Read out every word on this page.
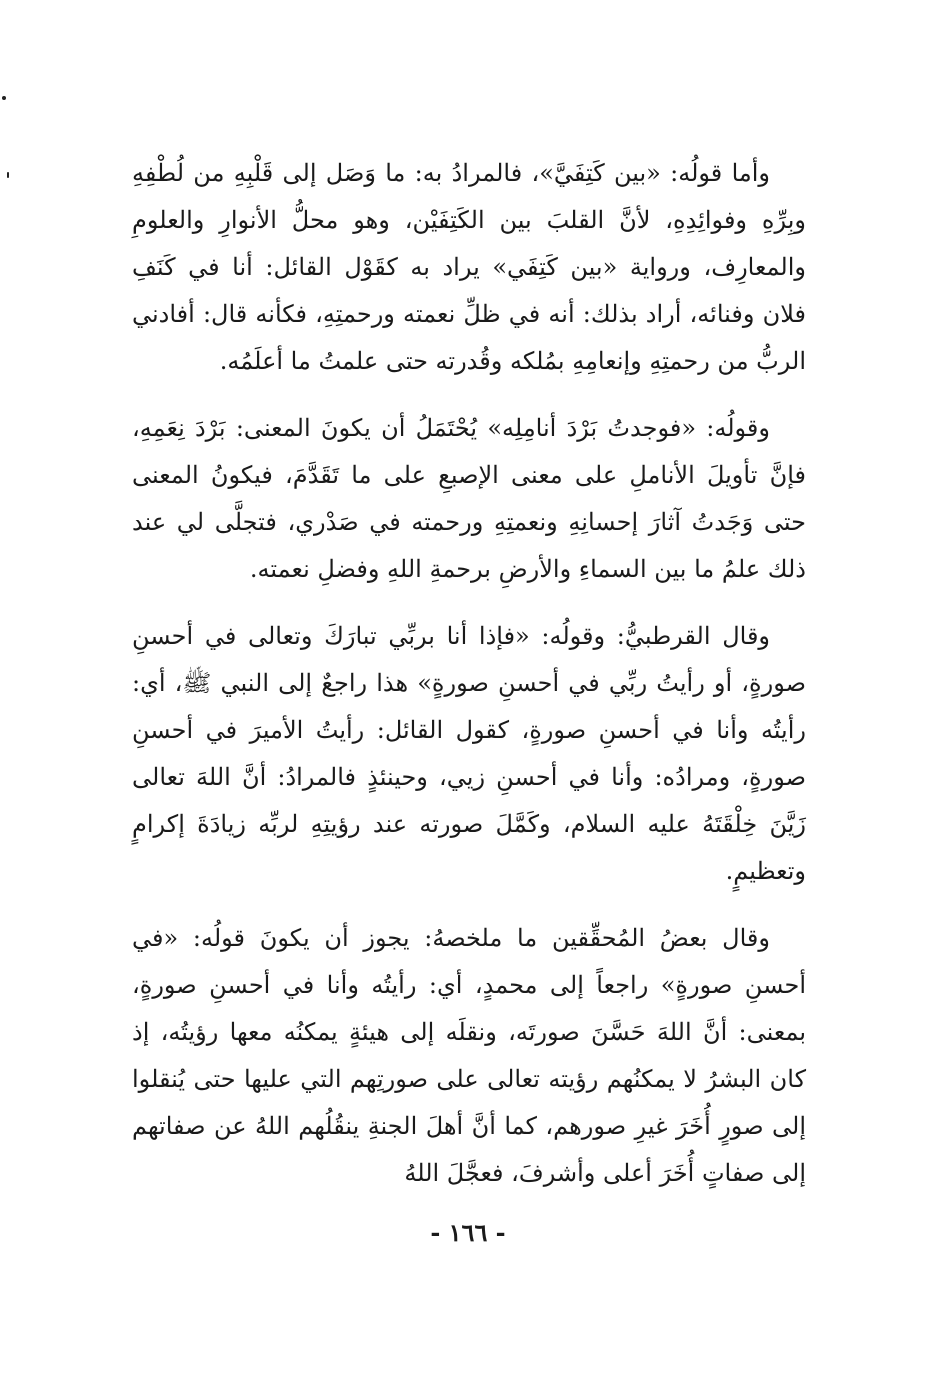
وأما قولُه: «بين كَتِفَيَّ»، فالمرادُ به: ما وَصَل إلى قَلْبِهِ من لُطْفِهِ وبِرِّهِ وفوائِدِهِ، لأنَّ القلبَ بين الكَتِفَيْن، وهو محلُّ الأنوارِ والعلومِ والمعارِف، ورواية «بين كَتِفَي» يراد به كقَوْل القائل: أنا في كَنَفِ فلان وفنائه، أراد بذلك: أنه في ظلِّ نعمته ورحمتِهِ، فكأنه قال: أفادني الربُّ من رحمتِهِ وإنعامِهِ بمُلكه وقُدرته حتى علمتُ ما أعلَمُه.

وقولُه: «فوجدتُ بَرْدَ أنامِلِه» يُحْتَمَلُ أن يكونَ المعنى: بَرْدَ نِعَمِهِ، فإنَّ تأويلَ الأناملِ على معنى الإصبعِ على ما تَقَدَّمَ، فيكونُ المعنى حتى وَجَدتُ آثارَ إحسانِهِ ونعمتِهِ ورحمته في صَدْري، فتجلَّى لي عند ذلك علمُ ما بين السماءِ والأرضِ برحمةِ اللهِ وفضلِ نعمته.

وقال القرطبيُّ: وقولُه: «فإذا أنا بربِّي تبارَكَ وتعالى في أحسنِ صورةٍ، أو رأيتُ ربِّي في أحسنِ صورةٍ» هذا راجعٌ إلى النبي ﷺ، أي: رأيتُه وأنا في أحسنِ صورةٍ، كقول القائل: رأيتُ الأميرَ في أحسنِ صورةٍ، ومرادُه: وأنا في أحسنِ زيي، وحينئذٍ فالمرادُ: أنَّ اللهَ تعالى زَيَّنَ خِلْقَتَهُ عليه السلام، وكَمَّلَ صورته عند رؤيتِهِ لربِّه زيادَةَ إكرامٍ وتعظيمٍ.

وقال بعضُ المُحقِّقين ما ملخصهُ: يجوز أن يكونَ قولُه: «في أحسنِ صورةٍ» راجعاً إلى محمدٍ، أي: رأيتُه وأنا في أحسنِ صورةٍ، بمعنى: أنَّ اللهَ حَسَّنَ صورتَه، ونقلَه إلى هيئةٍ يمكنُه معها رؤيتُه، إذ كان البشرُ لا يمكنُهم رؤيته تعالى على صورتِهم التي عليها حتى يُنقلوا إلى صورٍ أُخَرَ غيرِ صورهم، كما أنَّ أهلَ الجنةِ ينقُلُهم اللهُ عن صفاتهم إلى صفاتٍ أُخَرَ أعلى وأشرفَ، فعجَّلَ اللهُ

- ١٦٦ -
